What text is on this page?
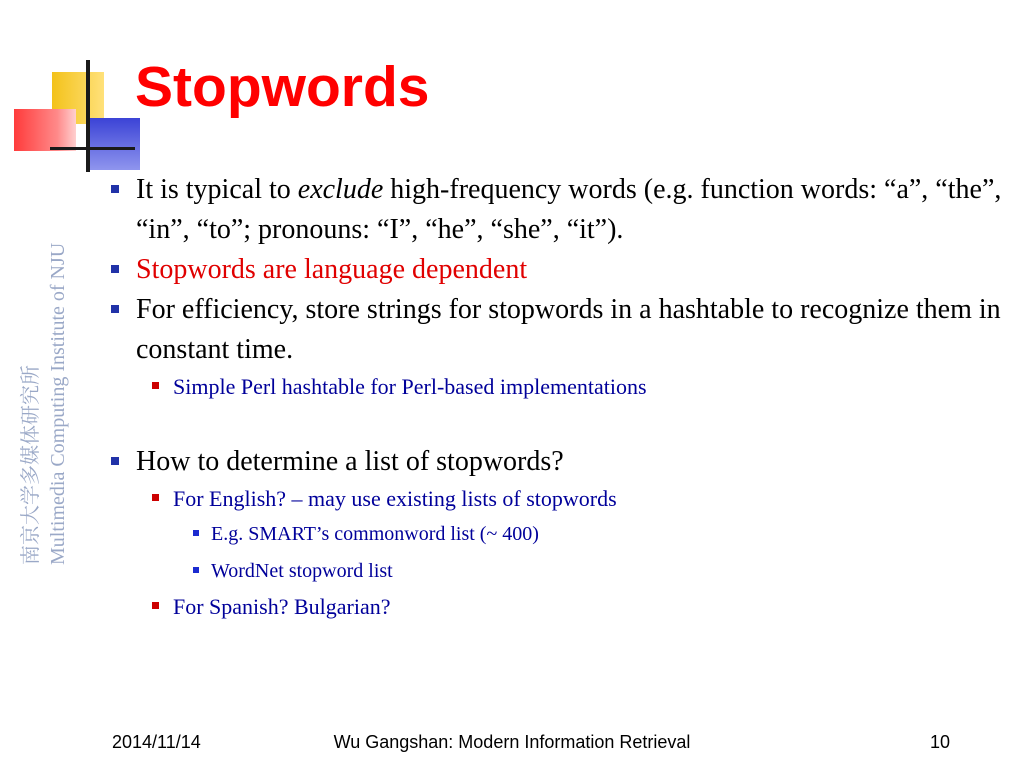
Stopwords
南京大学多媒体研究所 Multimedia Computing Institute of NJU
It is typical to exclude high-frequency words (e.g. function words: “a”, “the”, “in”, “to”; pronouns: “I”, “he”, “she”, “it”).
Stopwords are language dependent
For efficiency, store strings for stopwords in a hashtable to recognize them in constant time.
Simple Perl hashtable for Perl-based implementations
How to determine a list of stopwords?
For English? – may use existing lists of stopwords
E.g. SMART’s commonword list (~ 400)
WordNet stopword list
For Spanish? Bulgarian?
Wu Gangshan: Modern Information Retrieval
2014/11/14	10
